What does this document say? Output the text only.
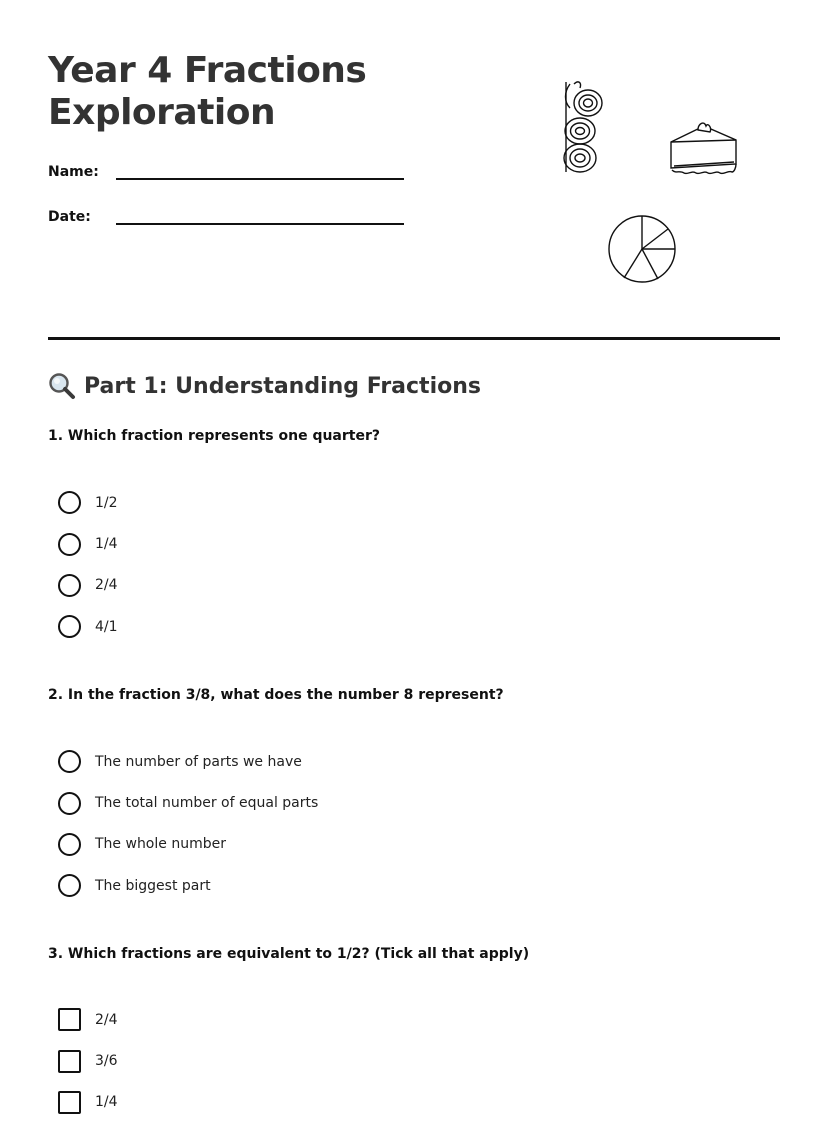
Year 4 Fractions
Exploration
Name:
Date:
Part 1: Understanding Fractions

1. Which fraction represents one quarter?

1/2
1/4
2/4
4/1

2. In the fraction 3/8, what does the number 8 represent?

The number of parts we have
The total number of equal parts
The whole number
The biggest part

3. Which fractions are equivalent to 1/2? (Tick all that apply)

2/4
3/6
1/4
